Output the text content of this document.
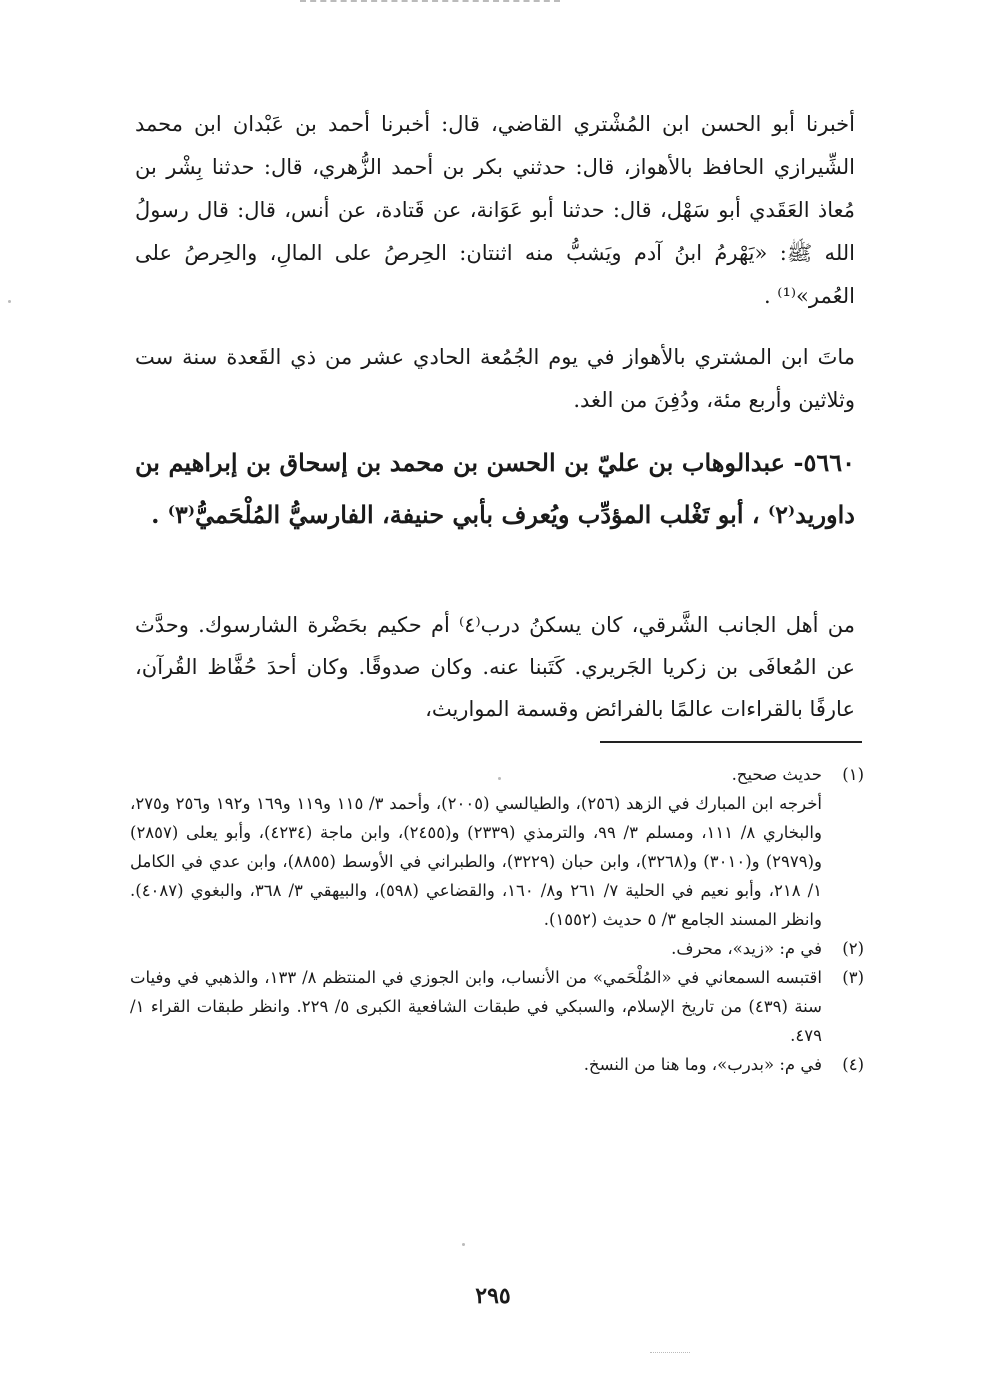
أخبرنا أبو الحسن ابن المُشْتري القاضي، قال: أخبرنا أحمد بن عَبْدان ابن محمد الشِّيرازي الحافظ بالأهواز، قال: حدثني بكر بن أحمد الزُّهري، قال: حدثنا بِشْر بن مُعاذ العَقَدي أبو سَهْل، قال: حدثنا أبو عَوَانة، عن قَتادة، عن أنس، قال: قال رسولُ الله ﷺ: «يَهْرمُ ابنُ آدم ويَشبُّ منه اثنتان: الحِرصُ على المالِ، والحِرصُ على العُمر»⁽¹⁾ .

ماتَ ابن المشتري بالأهواز في يوم الجُمُعة الحادي عشر من ذي القَعدة سنة ست وثلاثين وأربع مئة، ودُفِنَ من الغد.

٥٦٦٠- عبدالوهاب بن عليّ بن الحسن بن محمد بن إسحاق بن إبراهيم بن داوريد⁽٢⁾ ، أبو تَغْلب المؤدِّب ويُعرف بأبي حنيفة، الفارسيُّ المُلْحَميُّ⁽٣⁾ .

من أهل الجانب الشَّرقي، كان يسكنُ درب⁽٤⁾ أم حكيم بحَضْرة الشارسوك. وحدَّث عن المُعافَى بن زكريا الجَريري. كَتَبنا عنه. وكان صدوقًا. وكان أحدَ حُفَّاظ القُرآن، عارفًا بالقراءات عالمًا بالفرائض وقسمة المواريث،

(١)
حديث صحيح.
أخرجه ابن المبارك في الزهد (٢٥٦)، والطيالسي (٢٠٠٥)، وأحمد ٣/ ١١٥ و١١٩ و١٦٩ و١٩٢ و٢٥٦ و٢٧٥، والبخاري ٨/ ١١١، ومسلم ٣/ ٩٩، والترمذي (٢٣٣٩) و(٢٤٥٥)، وابن ماجة (٤٢٣٤)، وأبو يعلى (٢٨٥٧) و(٢٩٧٩) و(٣٠١٠) و(٣٢٦٨)، وابن حبان (٣٢٢٩)، والطبراني في الأوسط (٨٨٥٥)، وابن عدي في الكامل ١/ ٢١٨، وأبو نعيم في الحلية ٧/ ٢٦١ و٨/ ١٦٠، والقضاعي (٥٩٨)، والبيهقي ٣/ ٣٦٨، والبغوي (٤٠٨٧). وانظر المسند الجامع ٣/ ٥ حديث (١٥٥٢).
(٢)
في م: «زيد»، محرف.
(٣)
اقتبسه السمعاني في «المُلْحَمي» من الأنساب، وابن الجوزي في المنتظم ٨/ ١٣٣، والذهبي في وفيات سنة (٤٣٩) من تاريخ الإسلام، والسبكي في طبقات الشافعية الكبرى ٥/ ٢٢٩. وانظر طبقات القراء ١/ ٤٧٩.
(٤)
في م: «بدرب»، وما هنا من النسخ.
٢٩٥
